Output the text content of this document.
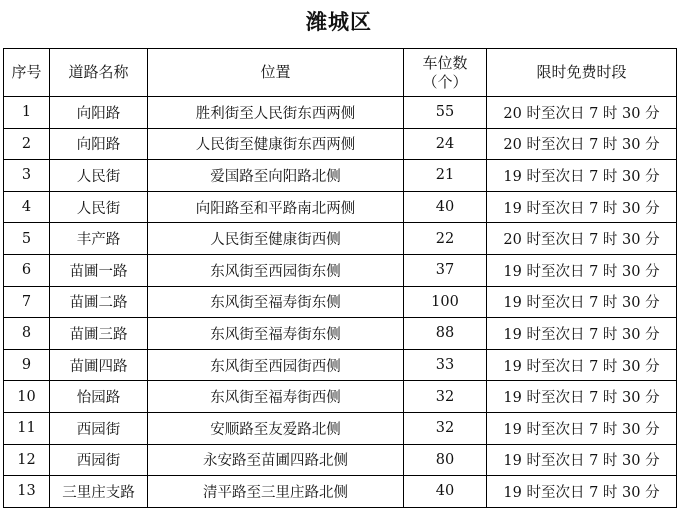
潍城区
序号	道路名称	位置	车位数（个）	限时免费时段
1	向阳路	胜利街至人民街东西两侧	55	20 时至次日 7 时 30 分
2	向阳路	人民街至健康街东西两侧	24	20 时至次日 7 时 30 分
3	人民街	爱国路至向阳路北侧	21	19 时至次日 7 时 30 分
4	人民街	向阳路至和平路南北两侧	40	19 时至次日 7 时 30 分
5	丰产路	人民街至健康街西侧	22	20 时至次日 7 时 30 分
6	苗圃一路	东风街至西园街东侧	37	19 时至次日 7 时 30 分
7	苗圃二路	东风街至福寿街东侧	100	19 时至次日 7 时 30 分
8	苗圃三路	东风街至福寿街东侧	88	19 时至次日 7 时 30 分
9	苗圃四路	东风街至西园街西侧	33	19 时至次日 7 时 30 分
10	怡园路	东风街至福寿街西侧	32	19 时至次日 7 时 30 分
11	西园街	安顺路至友爱路北侧	32	19 时至次日 7 时 30 分
12	西园街	永安路至苗圃四路北侧	80	19 时至次日 7 时 30 分
13	三里庄支路	清平路至三里庄路北侧	40	19 时至次日 7 时 30 分
